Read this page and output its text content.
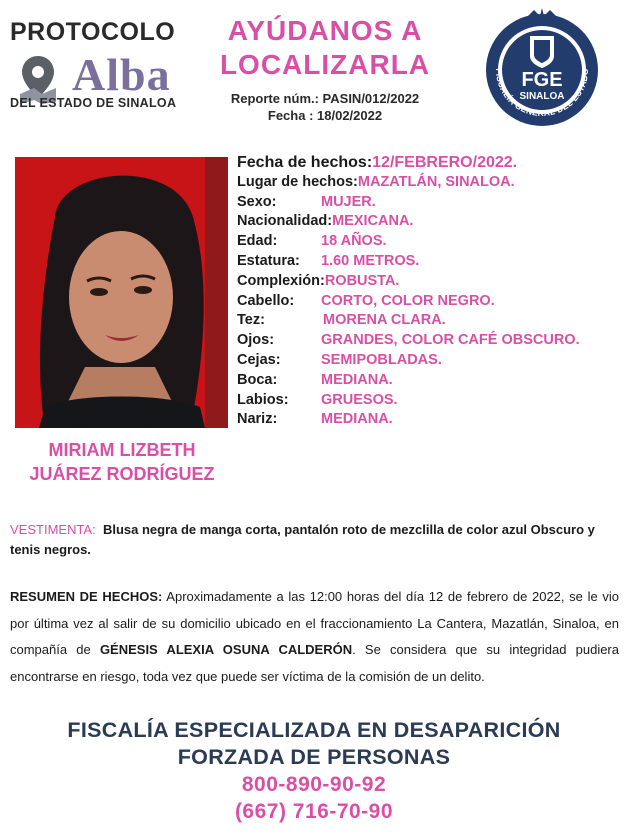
PROTOCOLO
Alba
DEL ESTADO DE SINALOA
AYÚDANOS A
LOCALIZARLA
Reporte núm.: PASIN/012/2022
Fecha : 18/02/2022
FGE
SINALOA
FISCALÍA GENERAL DEL ESTADO
MIRIAM LIZBETH
JUÁREZ RODRÍGUEZ
Fecha de hechos: 12/FEBRERO/2022.
Lugar de hechos: MAZATLÁN, SINALOA.
Sexo:	MUJER.
Nacionalidad: MEXICANA.
Edad:	18 AÑOS.
Estatura:	1.60 METROS.
Complexión: ROBUSTA.
Cabello:	CORTO, COLOR NEGRO.
Tez:	MORENA CLARA.
Ojos:	GRANDES, COLOR CAFÉ OBSCURO.
Cejas:	SEMIPOBLADAS.
Boca:	MEDIANA.
Labios:	GRUESOS.
Nariz:	MEDIANA.
VESTIMENTA: Blusa negra de manga corta, pantalón roto de mezclilla de color azul Obscuro y tenis negros.
RESUMEN DE HECHOS: Aproximadamente a las 12:00 horas del día 12 de febrero de 2022, se le vio por última vez al salir de su domicilio ubicado en el fraccionamiento La Cantera, Mazatlán, Sinaloa, en compañía de GÉNESIS ALEXIA OSUNA CALDERÓN. Se considera que su integridad pudiera encontrarse en riesgo, toda vez que puede ser víctima de la comisión de un delito.
FISCALÍA ESPECIALIZADA EN DESAPARICIÓN
FORZADA DE PERSONAS
800-890-90-92
(667) 716-70-90
